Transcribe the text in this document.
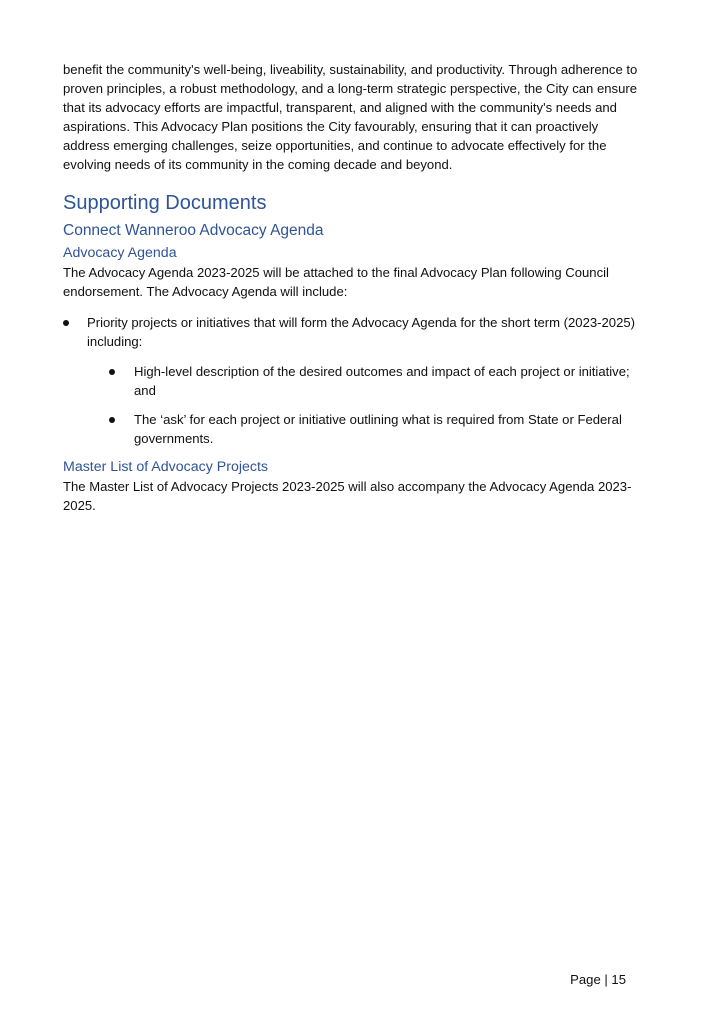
benefit the community's well-being, liveability, sustainability, and productivity. Through adherence to proven principles, a robust methodology, and a long-term strategic perspective, the City can ensure that its advocacy efforts are impactful, transparent, and aligned with the community's needs and aspirations. This Advocacy Plan positions the City favourably, ensuring that it can proactively address emerging challenges, seize opportunities, and continue to advocate effectively for the evolving needs of its community in the coming decade and beyond.

Supporting Documents
Connect Wanneroo Advocacy Agenda
Advocacy Agenda

The Advocacy Agenda 2023-2025 will be attached to the final Advocacy Plan following Council endorsement. The Advocacy Agenda will include:

Priority projects or initiatives that will form the Advocacy Agenda for the short term (2023-2025) including:
High-level description of the desired outcomes and impact of each project or initiative; and
The ‘ask’ for each project or initiative outlining what is required from State or Federal governments.
Master List of Advocacy Projects

The Master List of Advocacy Projects 2023-2025 will also accompany the Advocacy Agenda 2023-2025.

Page | 15
